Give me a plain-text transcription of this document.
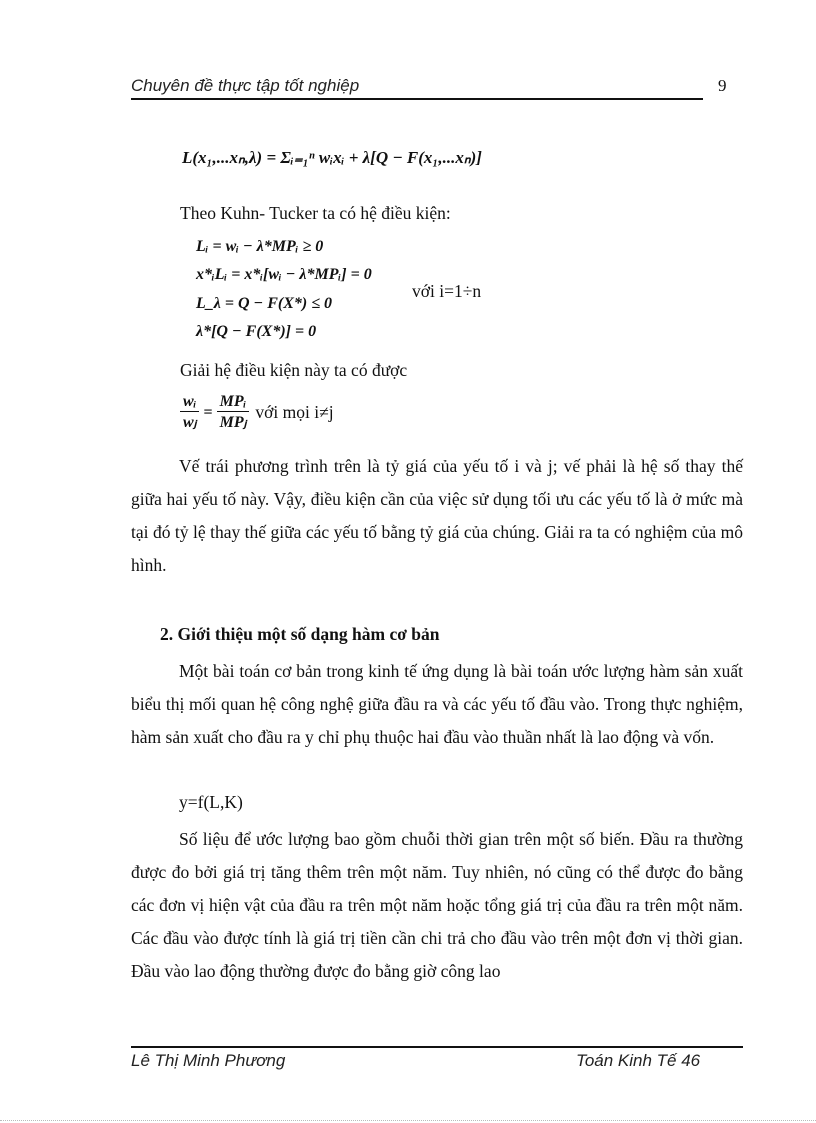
Chuyên đề thực tập tốt nghiệp	9
L(x₁,...xₙ,λ) = Σᵢ₌₁ⁿ wᵢxᵢ + λ[Q − F(x₁,...xₙ)]
Theo Kuhn- Tucker ta có hệ điều kiện:
Lᵢ = wᵢ − λ*MPᵢ ≥ 0
x*ᵢLᵢ = x*ᵢ[wᵢ − λ*MPᵢ] = 0
L_λ = Q − F(X*) ≤ 0
λ*[Q − F(X*)] = 0
với i=1÷n
Giải hệ điều kiện này ta có được
$\frac{\text{wᵢ}}{\text{wⱼ}} = \frac{\text{MPᵢ}}{\text{MPⱼ}}$ với mọi i≠j
Vế trái phương trình trên là tỷ giá của yếu tố i và j; vế phải là hệ số thay thế giữa hai yếu tố này. Vậy, điều kiện cần của việc sử dụng tối ưu các yếu tố là ở mức mà tại đó tỷ lệ thay thế giữa các yếu tố bằng tỷ giá của chúng. Giải ra ta có nghiệm của mô hình.
2. Giới thiệu một số dạng hàm cơ bản
Một bài toán cơ bản trong kinh tế ứng dụng là bài toán ước lượng hàm sản xuất biểu thị mối quan hệ công nghệ giữa đầu ra và các yếu tố đầu vào. Trong thực nghiệm, hàm sản xuất cho đầu ra y chỉ phụ thuộc hai đầu vào thuần nhất là lao động và vốn.
y=f(L,K)
Số liệu để ước lượng bao gồm chuỗi thời gian trên một số biến. Đầu ra thường được đo bởi giá trị tăng thêm trên một năm. Tuy nhiên, nó cũng có thể được đo bằng các đơn vị hiện vật của đầu ra trên một năm hoặc tổng giá trị của đầu ra trên một năm. Các đầu vào được tính là giá trị tiền cần chi trả cho đầu vào trên một đơn vị thời gian. Đầu vào lao động thường được đo bằng giờ công lao
Lê Thị Minh Phương	Toán Kinh Tế 46
